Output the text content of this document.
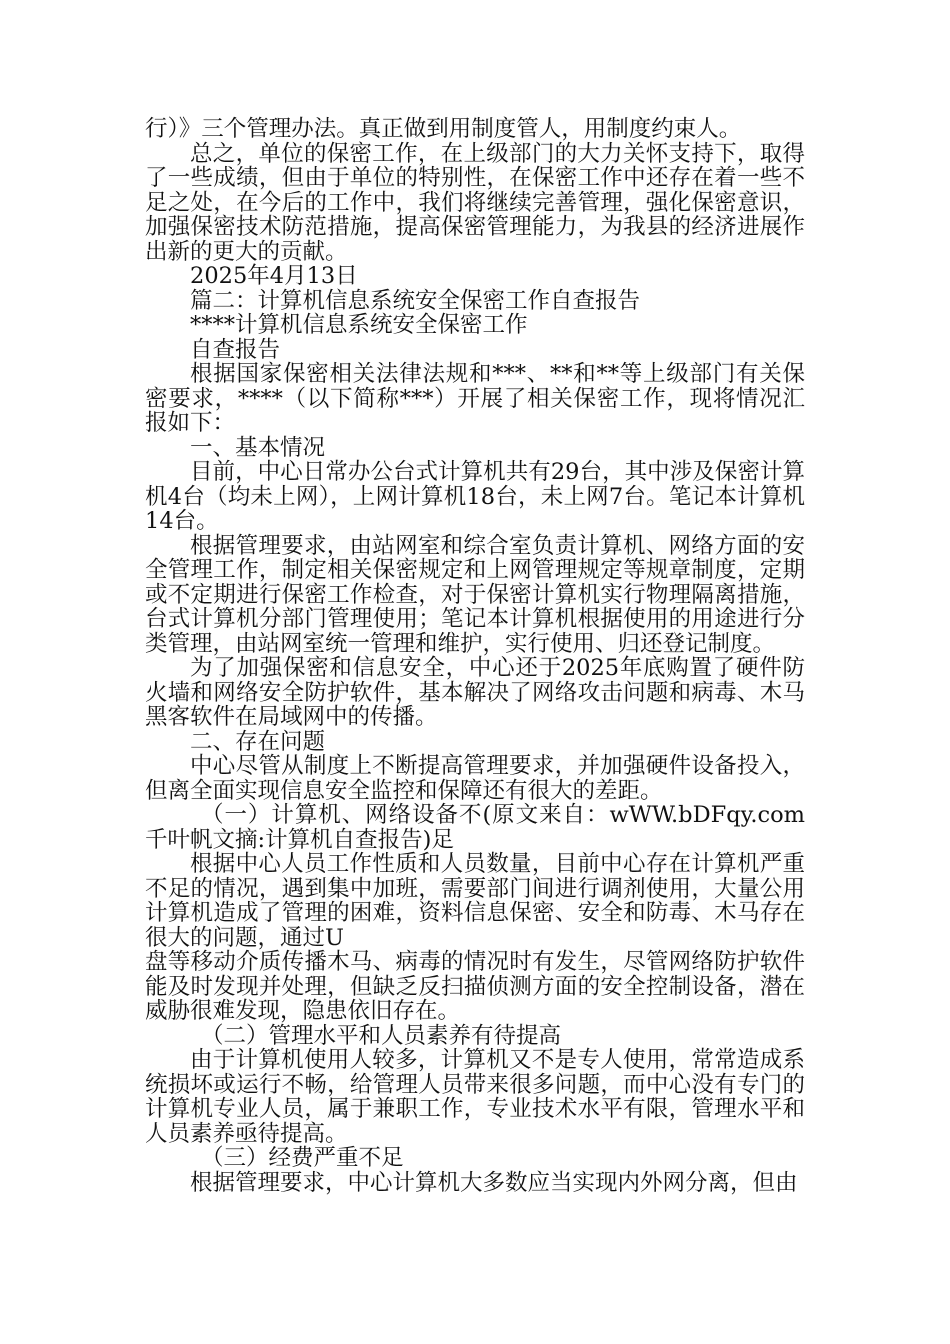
行）》三个管理办法。真正做到用制度管人，用制度约束人。

总之，单位的保密工作，在上级部门的大力关怀支持下，取得了一些成绩，但由于单位的特别性，在保密工作中还存在着一些不足之处，在今后的工作中，我们将继续完善管理，强化保密意识，加强保密技术防范措施，提高保密管理能力，为我县的经济进展作出新的更大的贡献。

2025年4月13日

篇二：计算机信息系统安全保密工作自查报告

****计算机信息系统安全保密工作

自查报告

根据国家保密相关法律法规和***、**和**等上级部门有关保密要求，****（以下简称***）开展了相关保密工作，现将情况汇报如下：

一、基本情况

目前，中心日常办公台式计算机共有29台，其中涉及保密计算机4台（均未上网），上网计算机18台，未上网7台。笔记本计算机14台。

根据管理要求，由站网室和综合室负责计算机、网络方面的安全管理工作，制定相关保密规定和上网管理规定等规章制度，定期或不定期进行保密工作检查，对于保密计算机实行物理隔离措施，台式计算机分部门管理使用；笔记本计算机根据使用的用途进行分类管理，由站网室统一管理和维护，实行使用、归还登记制度。

为了加强保密和信息安全，中心还于2025年底购置了硬件防火墙和网络安全防护软件，基本解决了网络攻击问题和病毒、木马黑客软件在局域网中的传播。

二、存在问题

中心尽管从制度上不断提高管理要求，并加强硬件设备投入，但离全面实现信息安全监控和保障还有很大的差距。

（一）计算机、网络设备不(原文来自：wWW.bDFqy.com 千叶帆文摘:计算机自查报告)足

根据中心人员工作性质和人员数量，目前中心存在计算机严重不足的情况，遇到集中加班，需要部门间进行调剂使用，大量公用计算机造成了管理的困难，资料信息保密、安全和防毒、木马存在很大的问题，通过U

盘等移动介质传播木马、病毒的情况时有发生，尽管网络防护软件能及时发现并处理，但缺乏反扫描侦测方面的安全控制设备，潜在威胁很难发现，隐患依旧存在。

（二）管理水平和人员素养有待提高

由于计算机使用人较多，计算机又不是专人使用，常常造成系统损坏或运行不畅，给管理人员带来很多问题，而中心没有专门的计算机专业人员，属于兼职工作，专业技术水平有限，管理水平和人员素养亟待提高。

（三）经费严重不足

根据管理要求，中心计算机大多数应当实现内外网分离，但由
